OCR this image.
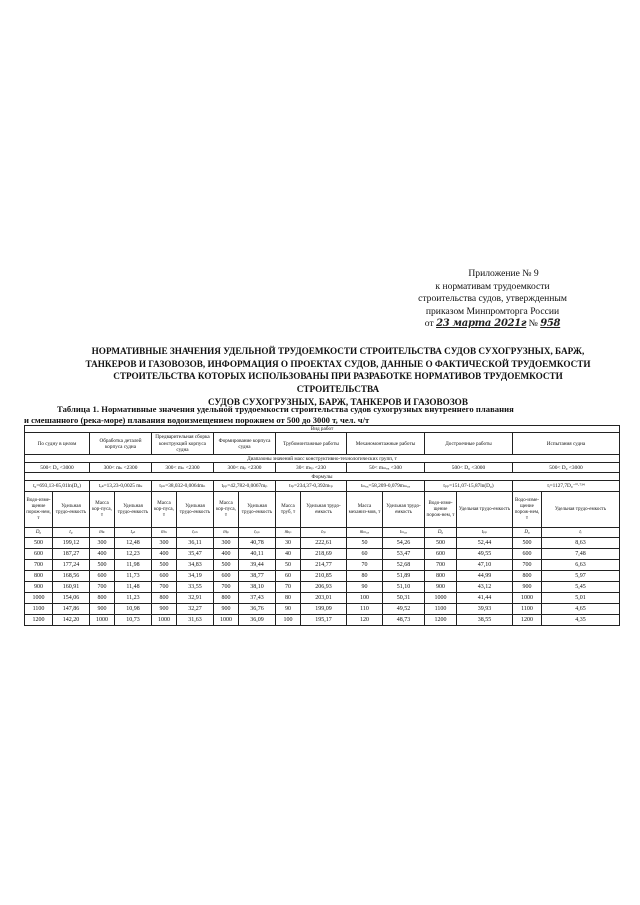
Приложение № 9
к нормативам трудоемкости
строительства судов, утвержденным
приказом Минпромторга России
от 23 марта 2021г № 958
НОРМАТИВНЫЕ ЗНАЧЕНИЯ УДЕЛЬНОЙ ТРУДОЕМКОСТИ СТРОИТЕЛЬСТВА СУДОВ СУХОГРУЗНЫХ, БАРЖ,
ТАНКЕРОВ И ГАЗОВОЗОВ, ИНФОРМАЦИЯ О ПРОЕКТАХ СУДОВ, ДАННЫЕ О ФАКТИЧЕСКОЙ ТРУДОЕМКОСТИ
СТРОИТЕЛЬСТВА КОТОРЫХ ИСПОЛЬЗОВАНЫ ПРИ РАЗРАБОТКЕ НОРМАТИВОВ ТРУДОЕМКОСТИ СТРОИТЕЛЬСТВА
СУДОВ СУХОГРУЗНЫХ, БАРЖ, ТАНКЕРОВ И ГАЗОВОЗОВ
Таблица 1. Нормативные значения удельной трудоемкости строительства судов сухогрузных внутреннего плавания
и смешанного (река-море) плавания водоизмещением порожнем от 500 до 3000 т, чел. ч/т
Вид работ															
По судну в целом		Обработка деталей корпуса судна		Предварительная сборка конструкций корпуса судна		Формирование корпуса судна		Трубомонтажные работы		Механомонтажные работы		Достроечные работы		Испытания судна	
Диапазоны значений масс конструктивно-технологических групп, т															
500< D₀ <3000		300< mₖ <2300		300< mₙ <2300		300< mₚ <2300		30< mₜₚ <230		50< mₘₑₓ <300		500< D₀ <3000		500< D₀ <3000	
Формулы															
t₀=693,13-65,01ln(D₀)		tₒₖ=13,23-0,0025 mₖ		tₚₙ=38,032-0,0064mₙ		tₚₚ=42,782-0,0067mₚ		tₜₚ=234,37-0,392mₜₚ		tₘₑₓ=58,209-0,079mₘₑₓ		tₚₚ=151,07-15,87ln(D₀)		tᵢ=1127,7D₀⁻⁰·⁷³⁴	
Водо-изме-щение порож-нем, т	Удельная трудо-емкость	Масса кор-пуса, т	Удельная трудо-емкость	Масса кор-пуса, т	Удельная трудо-емкость	Масса кор-пуса, т	Удельная трудо-емкость	Масса труб, т	Удельная трудо-емкость	Масса механиз-мов, т	Удельная трудо-емкость	Водо-изме-щение порож-нем, т	Удельная трудо-емкость	Водо-изме-щение порож-нем, т	Удельная трудо-емкость
D₀	t₀	mₖ	tₒₖ	mₙ	tₚₙ	mₚ	tₚₚ	mₜₚ	tₜₚ	mₘₑₓ	tₘₑₓ	D₀	tₚₚ	D₀	tᵢ
500	199,12	300	12,48	300	36,11	300	40,78	30	222,61	50	54,26	500	52,44	500	8,63
600	187,27	400	12,23	400	35,47	400	40,11	40	218,69	60	53,47	600	49,55	600	7,48
700	177,24	500	11,98	500	34,83	500	39,44	50	214,77	70	52,68	700	47,10	700	6,63
800	168,56	600	11,73	600	34,19	600	38,77	60	210,85	80	51,89	800	44,99	800	5,97
900	160,91	700	11,48	700	33,55	700	38,10	70	206,93	90	51,10	900	43,12	900	5,45
1000	154,06	800	11,23	800	32,91	800	37,43	80	203,01	100	50,31	1000	41,44	1000	5,01
1100	147,86	900	10,98	900	32,27	900	36,76	90	199,09	110	49,52	1100	39,93	1100	4,65
1200	142,20	1000	10,73	1000	31,63	1000	36,09	100	195,17	120	48,73	1200	38,55	1200	4,35
